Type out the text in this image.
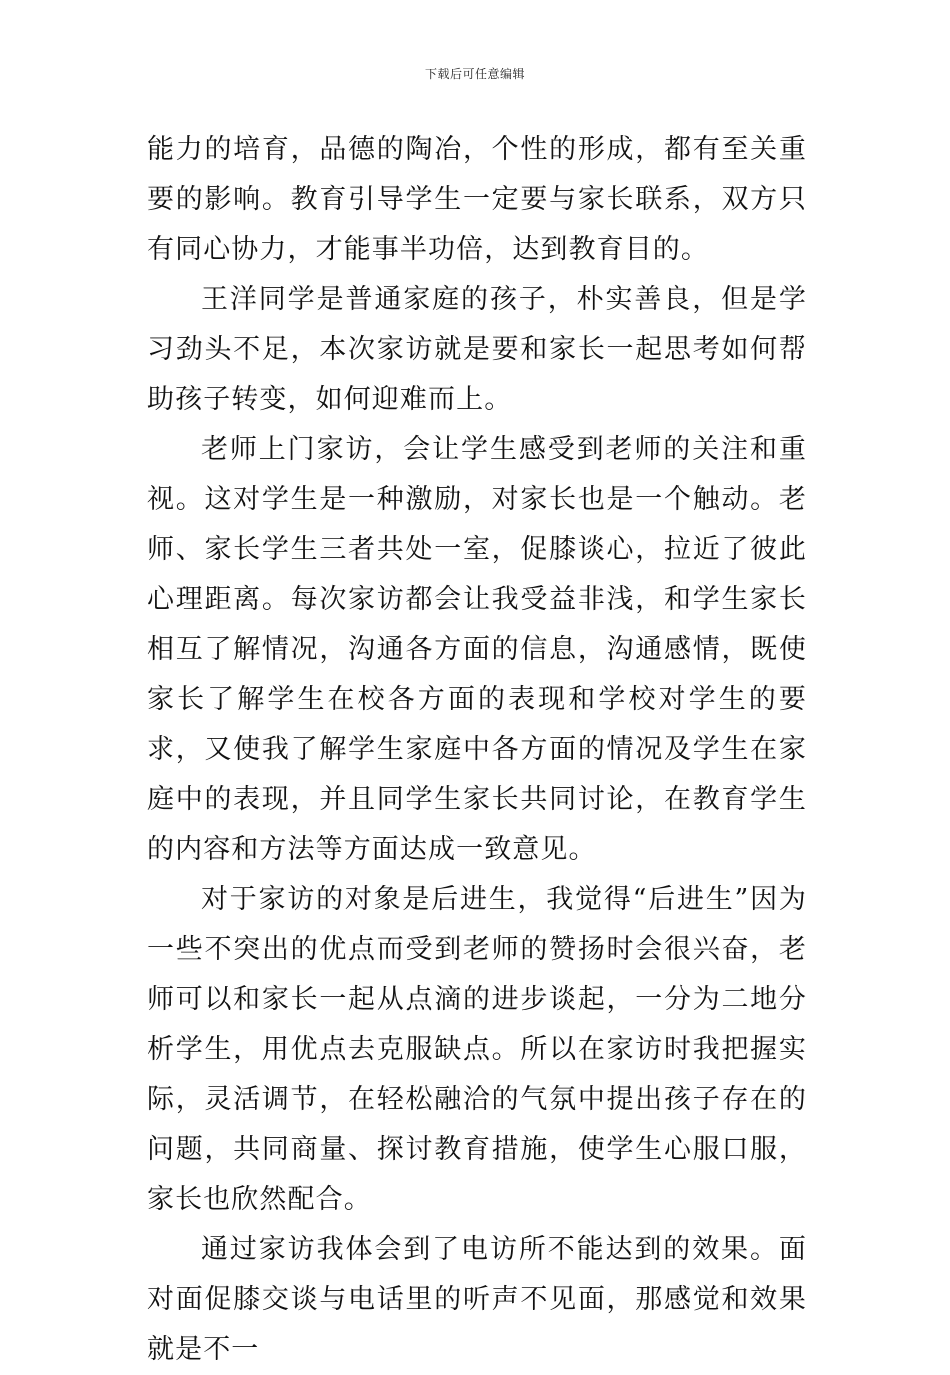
下载后可任意编辑

能力的培育，品德的陶冶，个性的形成，都有至关重要的影响。教育引导学生一定要与家长联系，双方只有同心协力，才能事半功倍，达到教育目的。

王洋同学是普通家庭的孩子，朴实善良，但是学习劲头不足，本次家访就是要和家长一起思考如何帮助孩子转变，如何迎难而上。

老师上门家访，会让学生感受到老师的关注和重视。这对学生是一种激励，对家长也是一个触动。老师、家长学生三者共处一室，促膝谈心，拉近了彼此心理距离。每次家访都会让我受益非浅，和学生家长相互了解情况，沟通各方面的信息，沟通感情，既使家长了解学生在校各方面的表现和学校对学生的要求，又使我了解学生家庭中各方面的情况及学生在家庭中的表现，并且同学生家长共同讨论，在教育学生的内容和方法等方面达成一致意见。

对于家访的对象是后进生，我觉得“后进生”因为一些不突出的优点而受到老师的赞扬时会很兴奋，老师可以和家长一起从点滴的进步谈起，一分为二地分析学生，用优点去克服缺点。所以在家访时我把握实际，灵活调节，在轻松融洽的气氛中提出孩子存在的问题，共同商量、探讨教育措施，使学生心服口服，家长也欣然配合。

通过家访我体会到了电访所不能达到的效果。面对面促膝交谈与电话里的听声不见面，那感觉和效果就是不一
